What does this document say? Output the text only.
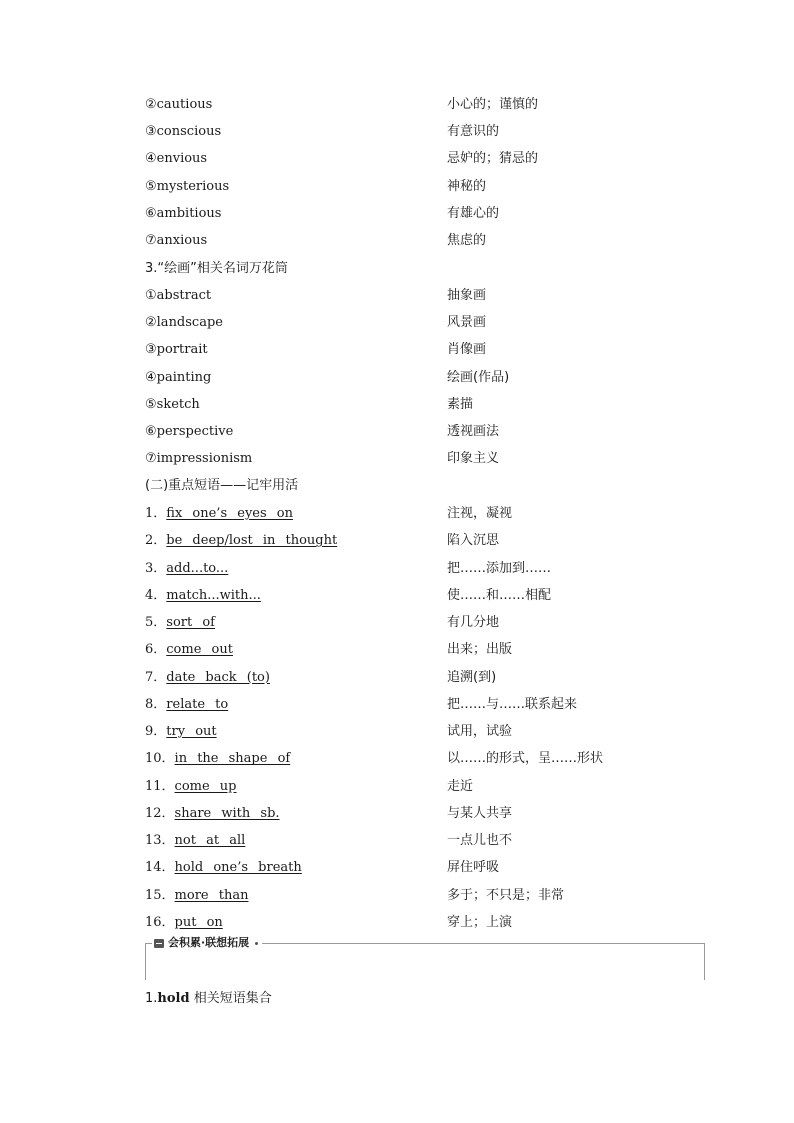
②cautious	小心的；谨慎的
③conscious	有意识的
④envious	忌妒的；猜忌的
⑤mysterious	神秘的
⑥ambitious	有雄心的
⑦anxious	焦虑的
3.“绘画”相关名词万花筒
①abstract	抽象画
②landscape	风景画
③portrait	肖像画
④painting	绘画(作品)
⑤sketch	素描
⑥perspective	透视画法
⑦impressionism	印象主义
(二)重点短语——记牢用活
1．fix one’s eyes on	注视，凝视
2．be deep/lost in thought	陷入沉思
3．add...to...	把……添加到……
4．match...with...	使……和……相配
5．sort of	有几分地
6．come out	出来；出版
7．date back (to)	追溯(到)
8．relate to	把……与……联系起来
9．try out	试用，试验
10．in the shape of	以……的形式，呈……形状
11．come up	走近
12．share with sb.	与某人共享
13．not at all	一点儿也不
14．hold one’s breath	屏住呼吸
15．more than	多于；不只是；非常
16．put on	穿上；上演
会积累·联想拓展
1.hold 相关短语集合
